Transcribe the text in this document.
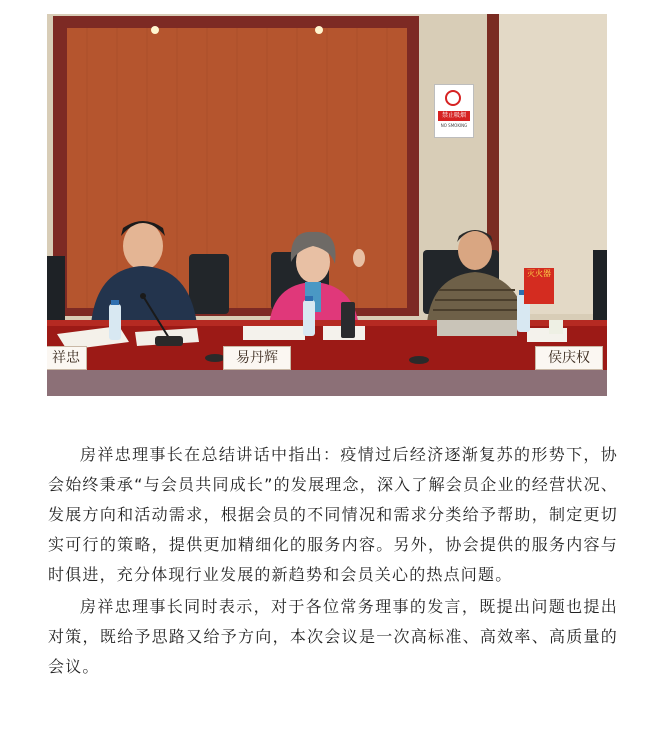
禁止吸烟
NO SMOKING
灭火器
祥忠	易丹辉	侯庆权

房祥忠理事长在总结讲话中指出：疫情过后经济逐渐复苏的形势下，协会始终秉承“与会员共同成长”的发展理念，深入了解会员企业的经营状况、发展方向和活动需求，根据会员的不同情况和需求分类给予帮助，制定更切实可行的策略，提供更加精细化的服务内容。另外，协会提供的服务内容与时俱进，充分体现行业发展的新趋势和会员关心的热点问题。

房祥忠理事长同时表示，对于各位常务理事的发言，既提出问题也提出对策，既给予思路又给予方向，本次会议是一次高标准、高效率、高质量的会议。
